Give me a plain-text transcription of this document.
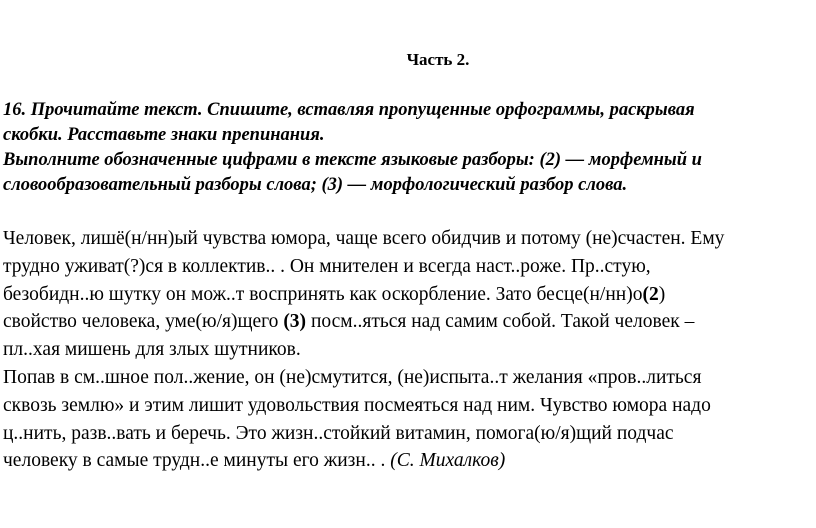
Часть 2.
16. Прочитайте текст. Спишите, вставляя пропущенные орфограммы, раскрывая
скобки. Расставьте знаки препинания.
Выполните обозначенные цифрами в тексте языковые разборы: (2) — морфемный и
словообразовательный разборы слова; (3) — морфологический разбор слова.
Человек, лишё(н/нн)ый чувства юмора, чаще всего обидчив и потому (не)счастен. Ему
трудно уживат(?)ся в коллектив.. . Он мнителен и всегда наст..роже. Пр..стую,
безобидн..ю шутку он мож..т воспринять как оскорбление. Зато бесце(н/нн)о(2)
свойство человека, уме(ю/я)щего (3) посм..яться над самим собой. Такой человек –
пл..хая мишень для злых шутников.
Попав в см..шное пол..жение, он (не)смутится, (не)испыта..т желания «пров..литься
сквозь землю» и этим лишит удовольствия посмеяться над ним. Чувство юмора надо
ц..нить, разв..вать и беречь. Это жизн..стойкий витамин, помога(ю/я)щий подчас
человеку в самые трудн..е минуты его жизн.. . (С. Михалков)
